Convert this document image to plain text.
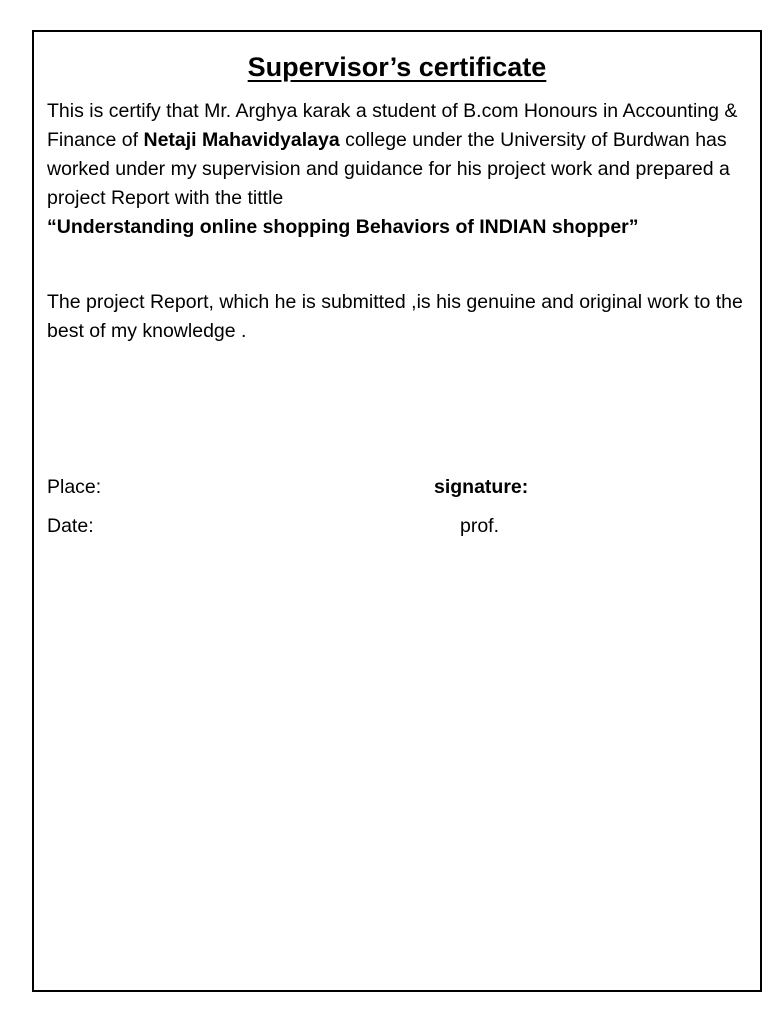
Supervisor’s certificate
This is certify that Mr. Arghya karak a student of B.com Honours in Accounting & Finance of Netaji Mahavidyalaya college under the University of Burdwan has worked under my supervision and guidance for his project work and prepared a project Report with the tittle
“Understanding online shopping Behaviors of INDIAN shopper”
The project Report, which he is submitted ,is his genuine and original work to the best of my knowledge .
Place:
Date:
signature:
prof.
